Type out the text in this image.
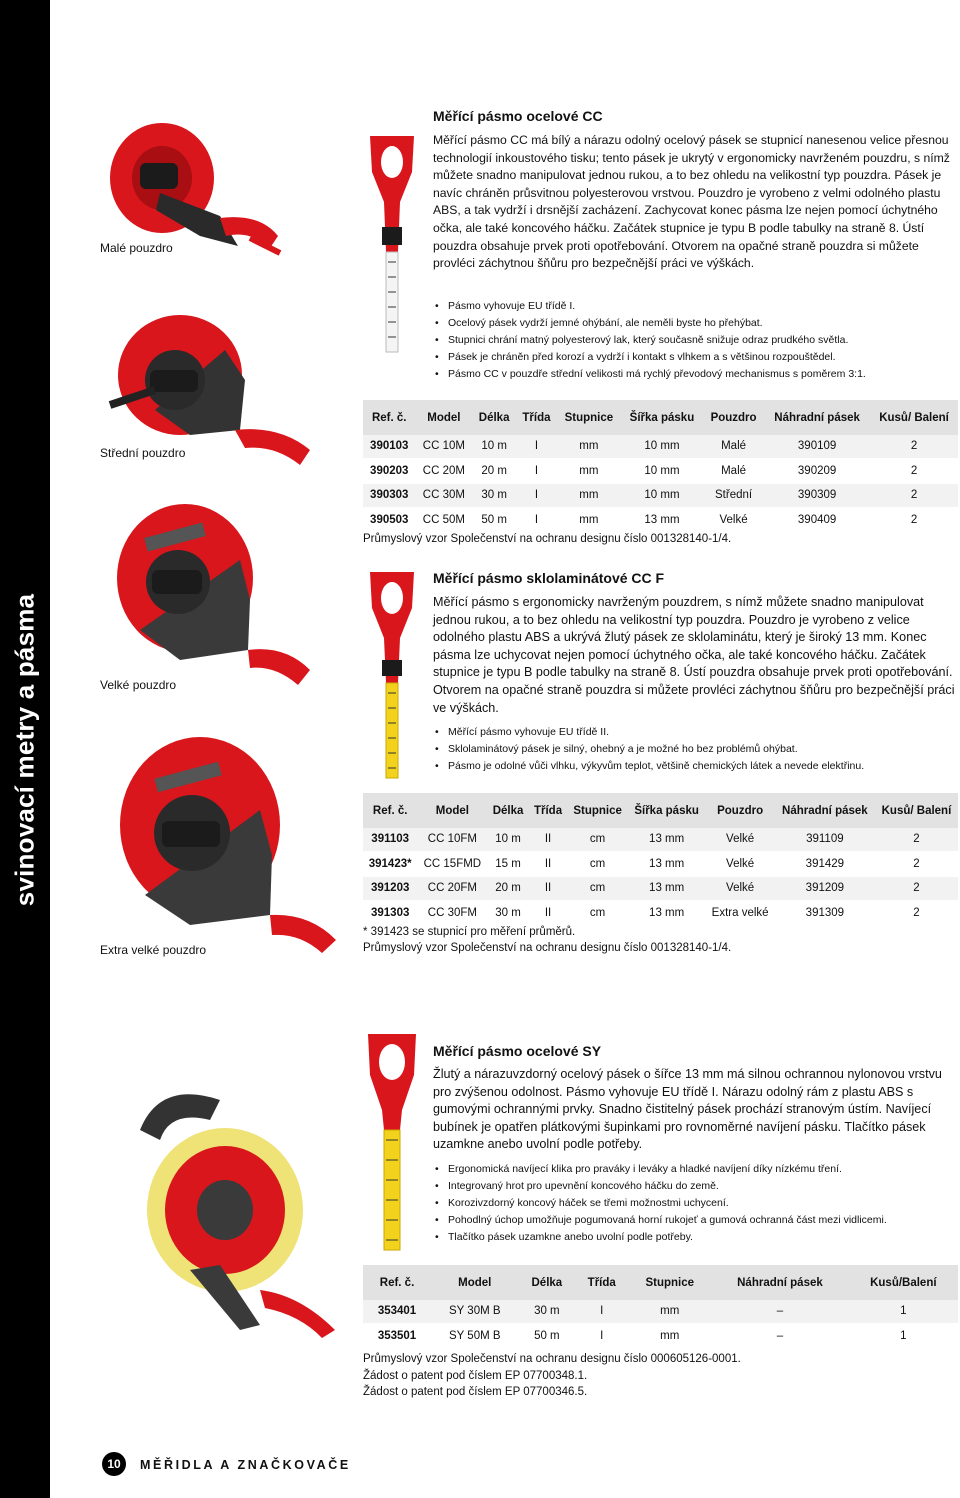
svinovací metry a pásma
Malé pouzdro
Střední pouzdro
Velké pouzdro
Extra velké pouzdro
Měřící pásmo ocelové CC

Měřící pásmo CC má bílý a nárazu odolný ocelový pásek se stupnicí nanesenou velice přesnou technologií inkoustového tisku; tento pásek je ukrytý v ergonomicky navrženém pouzdru, s nímž můžete snadno manipulovat jednou rukou, a to bez ohledu na velikostní typ pouzdra. Pásek je navíc chráněn průsvitnou polyesterovou vrstvou. Pouzdro je vyrobeno z velmi odolného plastu ABS, a tak vydrží i drsnější zacházení. Zachycovat konec pásma lze nejen pomocí úchytného očka, ale také koncového háčku. Začátek stupnice je typu B podle tabulky na straně 8. Ústí pouzdra obsahuje prvek proti opotřebování. Otvorem na opačné straně pouzdra si můžete provléci záchytnou šňůru pro bezpečnější práci ve výškách.

• Pásmo vyhovuje EU třídě I.
• Ocelový pásek vydrží jemné ohýbání, ale neměli byste ho přehýbat.
• Stupnici chrání matný polyesterový lak, který současně snižuje odraz prudkého světla.
• Pásek je chráněn před korozí a vydrží i kontakt s vlhkem a s většinou rozpouštědel.
• Pásmo CC v pouzdře střední velikosti má rychlý převodový mechanismus s poměrem 3:1.
Ref. č.	Model	Délka	Třída	Stupnice	Šířka pásku	Pouzdro	Náhradní pásek	Kusů/ Balení
390103	CC 10M	10 m	I	mm	10 mm	Malé	390109	2
390203	CC 20M	20 m	I	mm	10 mm	Malé	390209	2
390303	CC 30M	30 m	I	mm	10 mm	Střední	390309	2
390503	CC 50M	50 m	I	mm	13 mm	Velké	390409	2
Průmyslový vzor Společenství na ochranu designu číslo 001328140-1/4.
Měřící pásmo sklolaminátové CC F

Měřící pásmo s ergonomicky navrženým pouzdrem, s nímž můžete snadno manipulovat jednou rukou, a to bez ohledu na velikostní typ pouzdra. Pouzdro je vyrobeno z velice odolného plastu ABS a ukrývá žlutý pásek ze sklolaminátu, který je široký 13 mm. Konec pásma lze uchycovat nejen pomocí úchytného očka, ale také koncového háčku. Začátek stupnice je typu B podle tabulky na straně 8. Ústí pouzdra obsahuje prvek proti opotřebování. Otvorem na opačné straně pouzdra si můžete provléci záchytnou šňůru pro bezpečnější práci ve výškách.

• Měřící pásmo vyhovuje EU třídě II.
• Sklolaminátový pásek je silný, ohebný a je možné ho bez problémů ohýbat.
• Pásmo je odolné vůči vlhku, výkyvům teplot, většině chemických látek a nevede elektřinu.
Ref. č.	Model	Délka	Třída	Stupnice	Šířka pásku	Pouzdro	Náhradní pásek	Kusů/ Balení
391103	CC 10FM	10 m	II	cm	13 mm	Velké	391109	2
391423*	CC 15FMD	15 m	II	cm	13 mm	Velké	391429	2
391203	CC 20FM	20 m	II	cm	13 mm	Velké	391209	2
391303	CC 30FM	30 m	II	cm	13 mm	Extra velké	391309	2
* 391423 se stupnicí pro měření průměrů.
Průmyslový vzor Společenství na ochranu designu číslo 001328140-1/4.
Měřící pásmo ocelové SY

Žlutý a nárazuvzdorný ocelový pásek o šířce 13 mm má silnou ochrannou nylonovou vrstvu pro zvýšenou odolnost. Pásmo vyhovuje EU třídě I. Nárazu odolný rám z plastu ABS s gumovými ochrannými prvky. Snadno čistitelný pásek prochází stranovým ústím. Navíjecí bubínek je opatřen plátkovými šupinkami pro rovnoměrné navíjení pásku. Tlačítko pásek uzamkne anebo uvolní podle potřeby.

• Ergonomická navíjecí klika pro praváky i leváky a hladké navíjení díky nízkému tření.
• Integrovaný hrot pro upevnění koncového háčku do země.
• Korozivzdorný koncový háček se třemi možnostmi uchycení.
• Pohodlný úchop umožňuje pogumovaná horní rukojeť a gumová ochranná část mezi vidlicemi.
• Tlačítko pásek uzamkne anebo uvolní podle potřeby.
Ref. č.	Model	Délka	Třída	Stupnice	Náhradní pásek	Kusů/Balení
353401	SY 30M B	30 m	I	mm	–	1
353501	SY 50M B	50 m	I	mm	–	1
Průmyslový vzor Společenství na ochranu designu číslo 000605126-0001.
Žádost o patent pod číslem EP 07700348.1.
Žádost o patent pod číslem EP 07700346.5.
10	MĚŘIDLA A ZNAČKOVAČE
